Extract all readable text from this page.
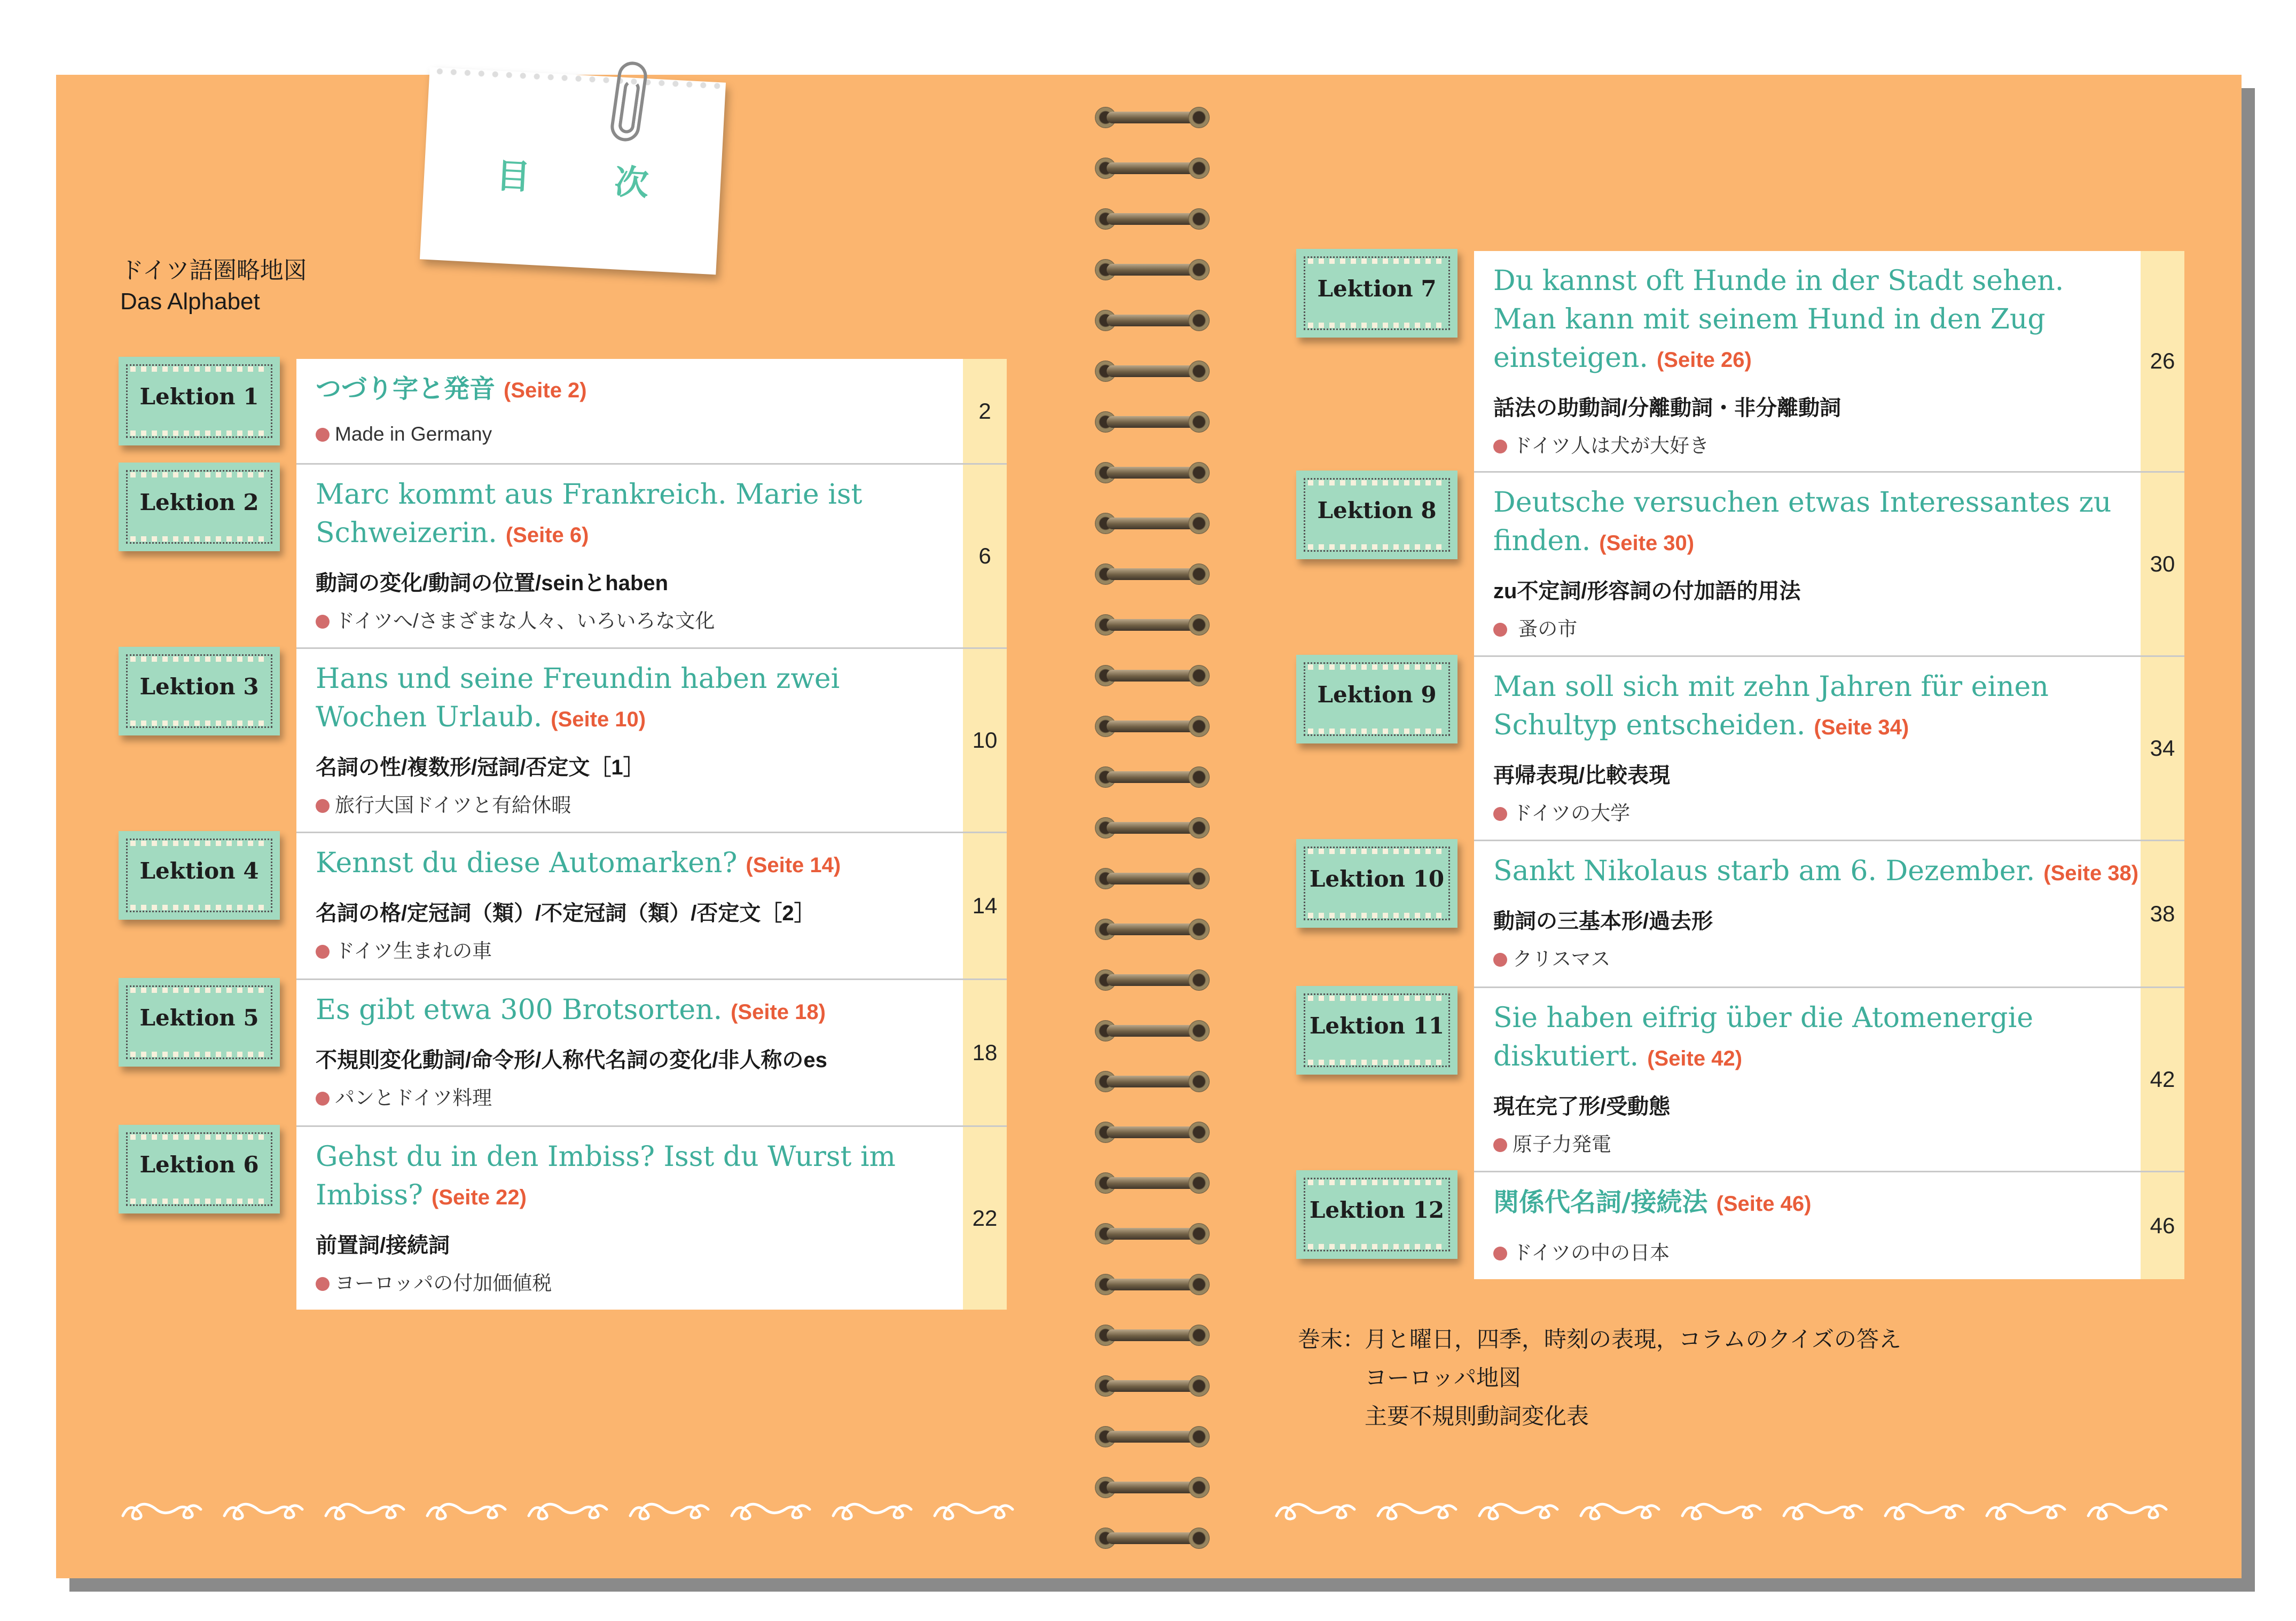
目 次
ドイツ語圏略地図
Das Alphabet
つづり字と発音 (Seite 2)
Made in Germany
2
Marc kommt aus Frankreich. Marie ist
Schweizerin. (Seite 6)
動詞の変化/動詞の位置/seinとhaben
ドイツへ/さまざまな人々、いろいろな文化
6
Hans und seine Freundin haben zwei
Wochen Urlaub. (Seite 10)
名詞の性/複数形/冠詞/否定文［1］
旅行大国ドイツと有給休暇
10
Kennst du diese Automarken? (Seite 14)
名詞の格/定冠詞（類）/不定冠詞（類）/否定文［2］
ドイツ生まれの車
14
Es gibt etwa 300 Brotsorten. (Seite 18)
不規則変化動詞/命令形/人称代名詞の変化/非人称のes
パンとドイツ料理
18
Gehst du in den Imbiss? Isst du Wurst im
Imbiss? (Seite 22)
前置詞/接続詞
ヨーロッパの付加価値税
22
Du kannst oft Hunde in der Stadt sehen.
Man kann mit seinem Hund in den Zug
einsteigen. (Seite 26)
話法の助動詞/分離動詞・非分離動詞
ドイツ人は犬が大好き
26
Deutsche versuchen etwas Interessantes zu
finden. (Seite 30)
zu不定詞/形容詞の付加語的用法
蚤の市
30
Man soll sich mit zehn Jahren für einen
Schultyp entscheiden. (Seite 34)
再帰表現/比較表現
ドイツの大学
34
Sankt Nikolaus starb am 6. Dezember. (Seite 38)
動詞の三基本形/過去形
クリスマス
38
Sie haben eifrig über die Atomenergie
diskutiert. (Seite 42)
現在完了形/受動態
原子力発電
42
関係代名詞/接続法 (Seite 46)
ドイツの中の日本
46
Lektion 1
Lektion 2
Lektion 3
Lektion 4
Lektion 5
Lektion 6
Lektion 7
Lektion 8
Lektion 9
Lektion 10
Lektion 11
Lektion 12
巻末：
月と曜日，四季，時刻の表現，コラムのクイズの答え
ヨーロッパ地図
主要不規則動詞変化表
